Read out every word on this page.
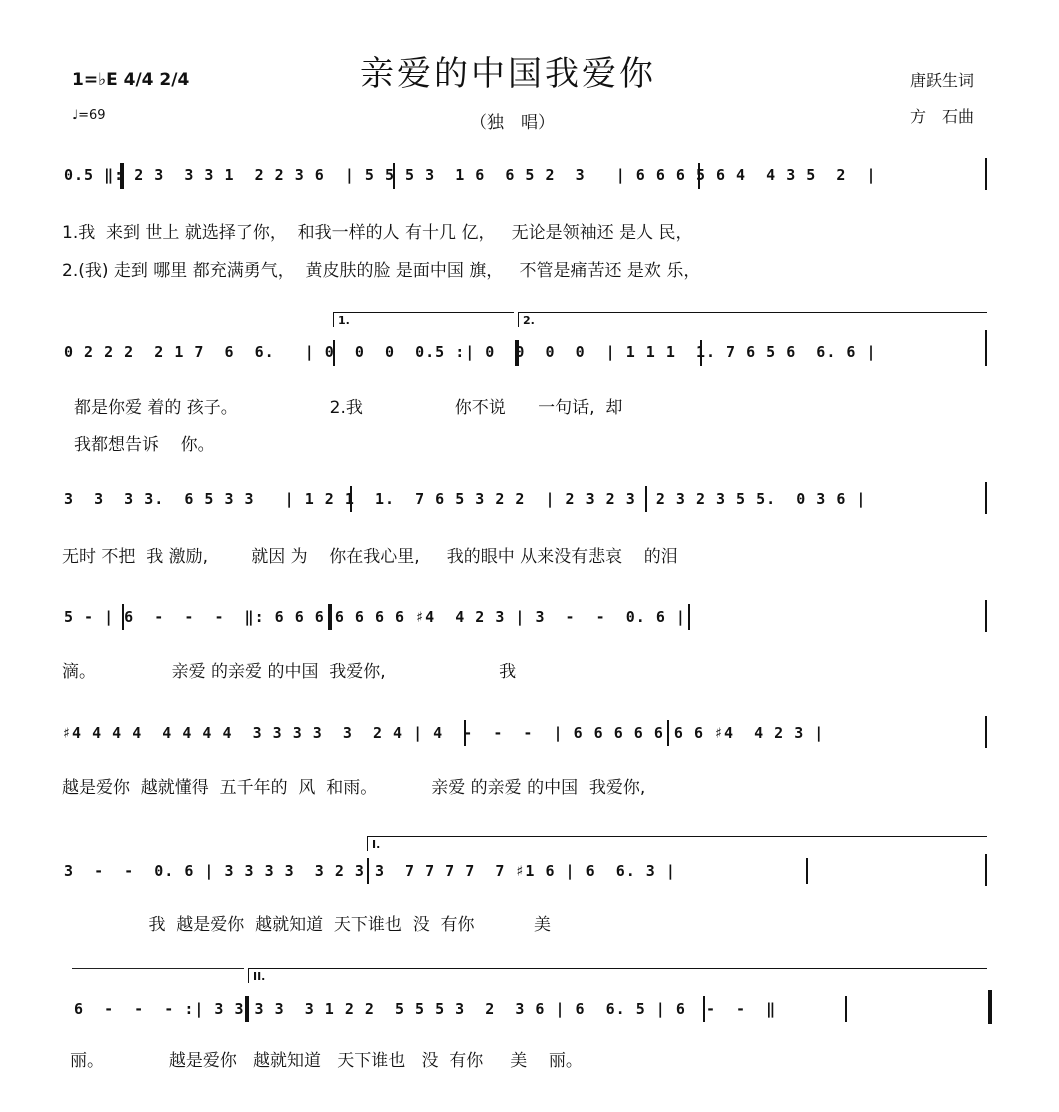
1=♭E 4/4 2/4
♩=69
亲爱的中国我爱你
（独　唱）
唐跃生词
方　石曲
0.5 ‖: 2 3  3 3 1  2 2 3 6  | 5 5 5 3  1 6  6 5 2  3   | 6 6 6 5 6 4  4 3 5  2  |
1.我  来到 世上 就选择了你，  和我一样的人 有十几 亿，   无论是领袖还 是人 民，
2.(我) 走到 哪里 都充满勇气，  黄皮肤的脸 是面中国 旗，   不管是痛苦还 是欢 乐，
1.	2.
0 2 2 2  2 1 7  6  6.   | 0  0  0  0.5 :| 0  0  0  0  | 1 1 1  1. 7 6 5 6  6. 6 |
都是你爱 着的 孩子。                 2.我                 你不说      一句话,  却
我都想告诉    你。
3  3  3 3.  6 5 3 3   | 1 2 1  1.  7 6 5 3 2 2  | 2 3 2 3  2 3 2 3 5 5.  0 3 6 |
无时 不把  我 激励,        就因 为    你在我心里,     我的眼中 从来没有悲哀    的泪
5 - | 6  -  -  -  ‖: 6 6 6 6 6 6 6 ♯4  4 2 3 | 3  -  -  0. 6 |
滴。              亲爱 的亲爱 的中国  我爱你,                     我
♯4 4 4 4  4 4 4 4  3 3 3 3  3  2 4 | 4  -  -  -  | 6 6 6 6 6 6 6 ♯4  4 2 3 |
越是爱你  越就懂得  五千年的  风  和雨。          亲爱 的亲爱 的中国  我爱你,
I.
3  -  -  0. 6 | 3 3 3 3  3 2 3 3  7 7 7 7  7 ♯1 6 | 6  6. 3 |
我  越是爱你  越就知道  天下谁也  没  有你           美
II.
6  -  -  - :| 3 3 3 3  3 1 2 2  5 5 5 3  2  3 6 | 6  6. 5 | 6  -  -  ‖
丽。            越是爱你   越就知道   天下谁也   没  有你     美    丽。
